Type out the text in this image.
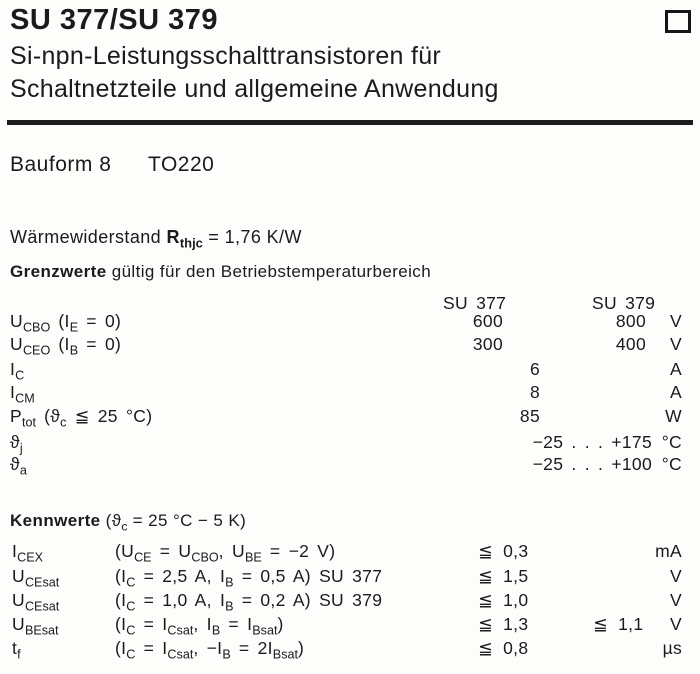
SU 377/SU 379
Si-npn-Leistungsschalttransistoren für
Schaltnetzteile und allgemeine Anwendung
Bauform 8 TO220
Wärmewiderstand $R_{thjc} = 1,76$ K/W
Grenzwerte gültig für den Betriebstemperaturbereich
SU 377	SU 379
$U_{CBO}$ $(I_E = 0)$	600	800 V
$U_{CEO}$ $(I_B = 0)$	300	400 V
$I_C$	6	A
$I_{CM}$	8	A
$P_{tot}$ ($ϑ_c$ ≦ 25 °C)	85	W
$ϑ_j$	−25 . . . +175 °C
$ϑ_a$	−25 . . . +100 °C
Kennwerte ($ϑ_c = 25$ °C − 5 K)
$I_{CEX}$	($U_{CE} = U_{CBO}$, $U_{BE} = -2$ V)	≦ 0,3	mA
$U_{CEsat}$	($I_C = 2,5$ A, $I_B = 0,5$ A) SU 377	≦ 1,5	V
$U_{CEsat}$	($I_C = 1,0$ A, $I_B = 0,2$ A) SU 379	≦ 1,0	V
$U_{BEsat}$	($I_C = I_{Csat}$, $I_B = I_{Bsat}$)	≦ 1,3	≦ 1,1 V
$t_f$	($I_C = I_{Csat}$, $-I_B = 2I_{Bsat}$)	≦ 0,8	µs
